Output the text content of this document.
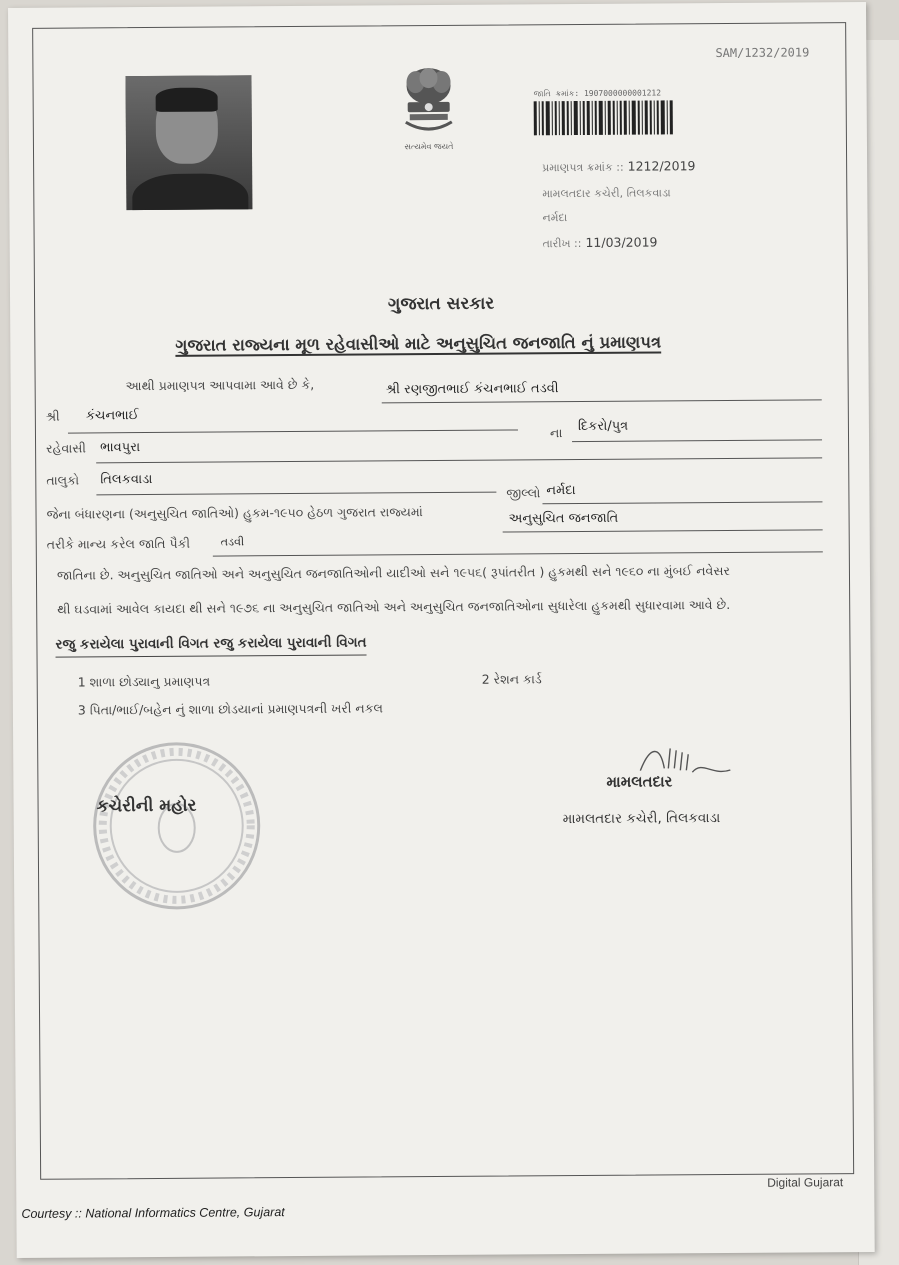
SAM/1232/2019
સત્યમેવ જયતે
જાતિ ક્રમાંક: 1907000000001212
પ્રમાણપત્ર ક્રમાંક :: 1212/2019
મામલતદાર કચેરી, તિલકવાડા
નર્મદા
તારીખ :: 11/03/2019
ગુજરાત સરકાર
ગુજરાત રાજ્યના મૂળ રહેવાસીઓ માટે અનુસુચિત જનજાતિ નું પ્રમાણપત્ર
આથી પ્રમાણપત્ર આપવામા આવે છે કે,	શ્રી રણજીતભાઈ કંચનભાઈ તડવી
શ્રી કંચનભાઈ
ના દિકરો/પુત્ર
રહેવાસી ભાવપુરા
તાલુકો તિલકવાડા
જીલ્લો નર્મદા
જેના બંધારણના (અનુસુચિત જાતિઓ) હુકમ-૧૯૫૦ હેઠળ ગુજરાત રાજ્યમાં	અનુસુચિત જનજાતિ
તરીકે માન્ય કરેલ જાતિ પૈકી	તડવી
જાતિના છે. અનુસુચિત જાતિઓ અને અનુસુચિત જનજાતિઓની યાદીઓ સને ૧૯૫૬( રૂપાંતરીત ) હુકમથી સને ૧૯૬૦ ના મુંબઈ નવેસર
થી ઘડવામાં આવેલ કાયદા થી સને ૧૯૭૬ ના અનુસુચિત જાતિઓ અને અનુસુચિત જનજાતિઓના સુધારેલા હુકમથી સુધારવામા આવે છે.
રજુ કરાયેલા પુરાવાની વિગત રજુ કરાયેલા પુરાવાની વિગત
1 શાળા છોડ્યાનુ પ્રમાણપત્ર	2 રેશન કાર્ડ
3 પિતા/ભાઈ/બહેન નું શાળા છોડયાનાં પ્રમાણપત્રની ખરી નકલ
કચેરીની મહોર
મામલતદાર
મામલતદાર કચેરી, તિલકવાડા
Digital Gujarat
Courtesy :: National Informatics Centre, Gujarat
